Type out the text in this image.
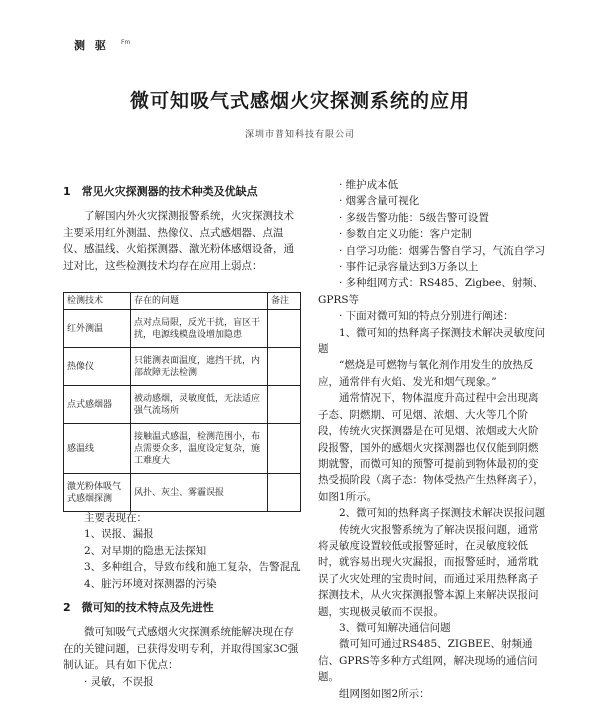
测 驱 Fm
微可知吸气式感烟火灾探测系统的应用
深圳市普知科技有限公司

1　常见火灾探测器的技术种类及优缺点

了解国内外火灾探测报警系统，火灾探测技术主要采用红外测温、热像仪、点式感烟器、点温仪、感温线、火焰探测器、激光粉体感烟设备，通过对比，这些检测技术均存在应用上弱点：

检测技术	存在的问题	备注
红外测温	点对点局限，反光干扰，盲区干扰，电源线模盘设增加隐患	
热像仪	只能测表面温度，遮挡干扰，内部故障无法检测	
点式感烟器	被动感烟，灵敏度低，无法适应强气流场所	
感温线	接触温式感温，检测范围小，布点需要众多，温度设定复杂，施工难度大	
激光粉体吸气式感烟探测	风扑、灰尘、雾霾误报	

主要表现在：

1、误报、漏报

2、对早期的隐患无法探知

3、多种组合，导致布线和施工复杂，告警混乱

4、脏污环境对探测器的污染

2　微可知的技术特点及先进性

微可知吸气式感烟火灾探测系统能解决现在存在的关键问题，已获得发明专利，并取得国家3C强制认证。具有如下优点：

· 灵敏，不误报

· 维护成本低

· 烟雾含量可视化

· 多级告警功能：5级告警可设置

· 参数自定义功能：客户定制

· 自学习功能：烟雾告警自学习，气流自学习

· 事件记录容量达到3万条以上

· 多种组网方式：RS485、Zigbee、射频、GPRS等

· 下面对微可知的特点分别进行阐述：

1、微可知的热释离子探测技术解决灵敏度问题

“燃烧是可燃物与氧化剂作用发生的放热反应，通常伴有火焰、发光和烟气现象。”

通常情况下，物体温度升高过程中会出现离子态、阴燃期、可见烟、浓烟、大火等几个阶段，传统火灾探测器是在可见烟、浓烟或大火阶段报警，国外的感烟火灾探测器也仅仅能到阴燃期就警，而微可知的预警可提前到物体最初的变热受损阶段（离子态：物体受热产生热释离子），如图1所示。

2、微可知的热释离子探测技术解决误报问题

传统火灾报警系统为了解决误报问题，通常将灵敏度设置较低或报警延时，在灵敏度较低时，就容易出现火灾漏报，而报警延时，通常耽误了火灾处理的宝贵时间，而通过采用热释离子探测技术，从火灾探测报警本源上来解决误报问题，实现极灵敏而不误报。

3、微可知解决通信问题

微可知可通过RS485、ZIGBEE、射频通信、GPRS等多种方式组网，解决现场的通信问题。

组网图如图2所示：
